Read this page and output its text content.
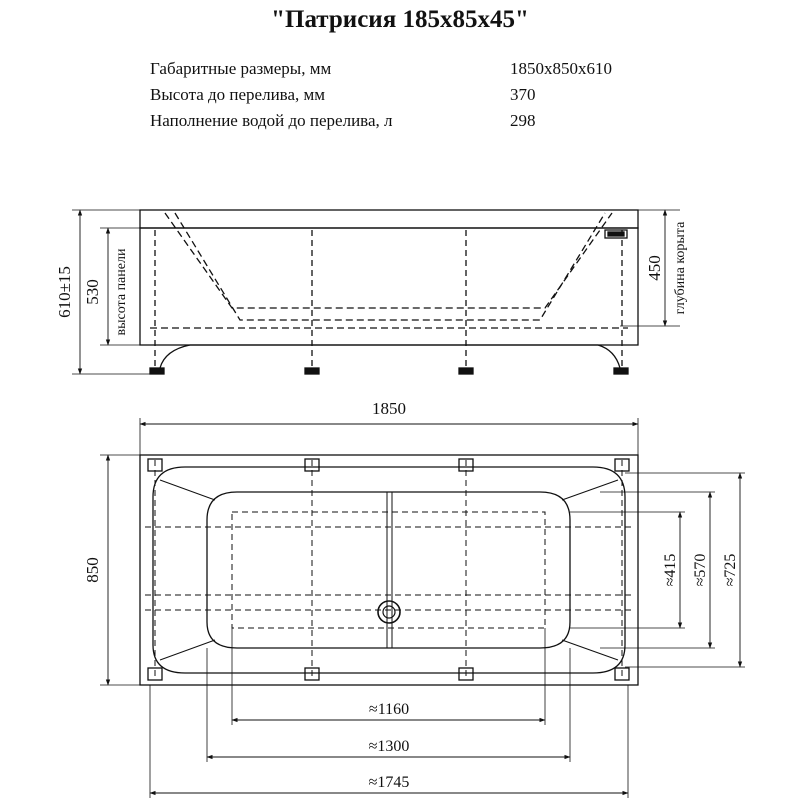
"Патрисия 185x85x45"
Габаритные размеры, мм	1850x850x610
Высота до перелива, мм	370
Наполнение водой до перелива, л	298
610±15 530 высота панели	450 глубина корыта
1850
850	≈415 ≈570 ≈725
≈1160
≈1300
≈1745
